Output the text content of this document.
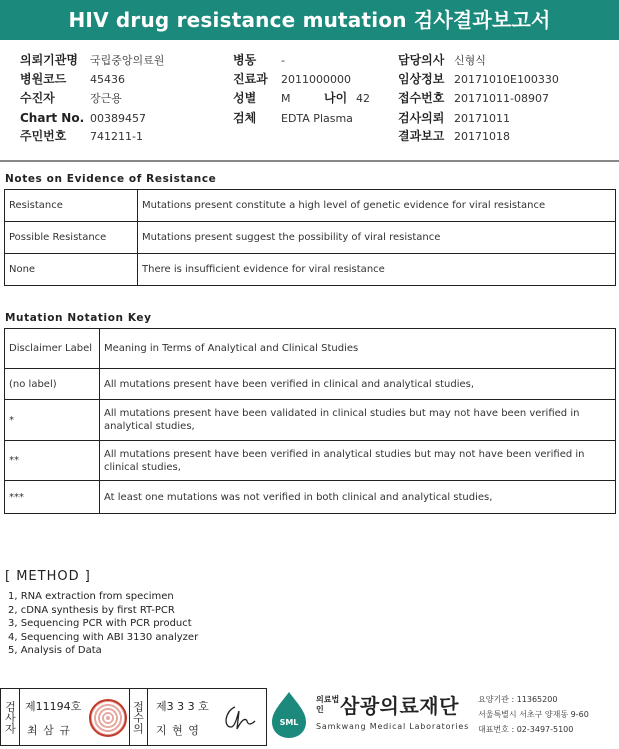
HIV drug resistance mutation 검사결과보고서
의뢰기관명 국립중앙의료원
병원코드 45436
수진자	장근용
Chart No. 00389457
주민번호 741211-1
병동 -
진료과 2011000000
성별 M	나이 42
검체 EDTA Plasma
담당의사 신형식
임상정보 20171010E100330
접수번호 20171011-08907
검사의뢰 20171011
결과보고 20171018
Notes on Evidence of Resistance
Resistance	Mutations present constitute a high level of genetic evidence for viral resistance
Possible Resistance	Mutations present suggest the possibility of viral resistance
None	There is insufficient evidence for viral resistance
Mutation Notation Key
Disclaimer Label	Meaning in Terms of Analytical and Clinical Studies
(no label)	All mutations present have been verified in clinical and analytical studies,
*	All mutations present have been validated in clinical studies but may not have been verified in analytical studies,
**	All mutations present have been verified in analytical studies but may not have been verified in clinical studies,
***	At least one mutations was not verified in both clinical and analytical studies,
[ METHOD ]
1, RNA extraction from specimen
2, cDNA synthesis by first RT-PCR
3, Sequencing PCR with PCR product
4, Sequencing with ABI 3130 analyzer
5, Analysis of Data
검사자 제11194호
최 삼 규	접수의 제3 3 3 호
지 현 영
SML
의료법인 삼광의료재단
Samkwang Medical Laboratories
요양기관 : 11365200
서울특별시 서초구 양재동 9-60
대표번호 : 02-3497-5100
